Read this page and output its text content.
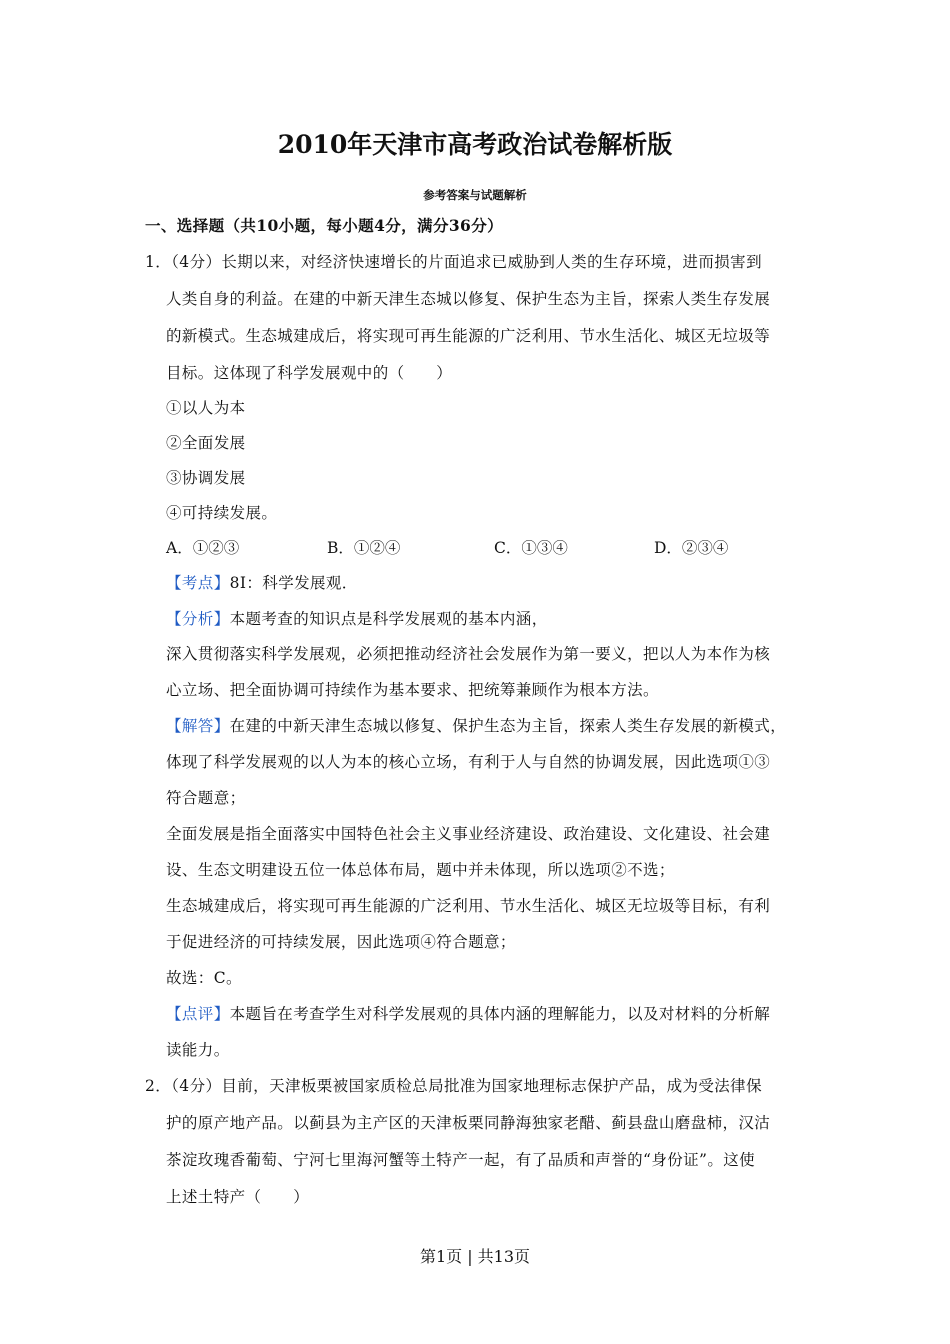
2010年天津市高考政治试卷解析版
参考答案与试题解析
一、选择题（共10小题，每小题4分，满分36分）
1．（4分）长期以来，对经济快速增长的片面追求已威胁到人类的生存环境，进而损害到
人类自身的利益。在建的中新天津生态城以修复、保护生态为主旨，探索人类生存发展
的新模式。生态城建成后，将实现可再生能源的广泛利用、节水生活化、城区无垃圾等
目标。这体现了科学发展观中的（　　）
①以人为本
②全面发展
③协调发展
④可持续发展。
A．①②③	B．①②④	C．①③④	D．②③④
【考点】8I：科学发展观．
【分析】本题考查的知识点是科学发展观的基本内涵，
深入贯彻落实科学发展观，必须把推动经济社会发展作为第一要义，把以人为本作为核
心立场、把全面协调可持续作为基本要求、把统筹兼顾作为根本方法。
【解答】在建的中新天津生态城以修复、保护生态为主旨，探索人类生存发展的新模式，
体现了科学发展观的以人为本的核心立场，有利于人与自然的协调发展，因此选项①③
符合题意；
全面发展是指全面落实中国特色社会主义事业经济建设、政治建设、文化建设、社会建
设、生态文明建设五位一体总体布局，题中并未体现，所以选项②不选；
生态城建成后，将实现可再生能源的广泛利用、节水生活化、城区无垃圾等目标，有利
于促进经济的可持续发展，因此选项④符合题意；
故选：C。
【点评】本题旨在考查学生对科学发展观的具体内涵的理解能力，以及对材料的分析解
读能力。
2．（4分）目前，天津板栗被国家质检总局批准为国家地理标志保护产品，成为受法律保
护的原产地产品。以蓟县为主产区的天津板栗同静海独家老醋、蓟县盘山磨盘柿，汉沽
茶淀玫瑰香葡萄、宁河七里海河蟹等土特产一起，有了品质和声誉的“身份证”。这使
上述土特产（　　）
第1页 | 共13页
